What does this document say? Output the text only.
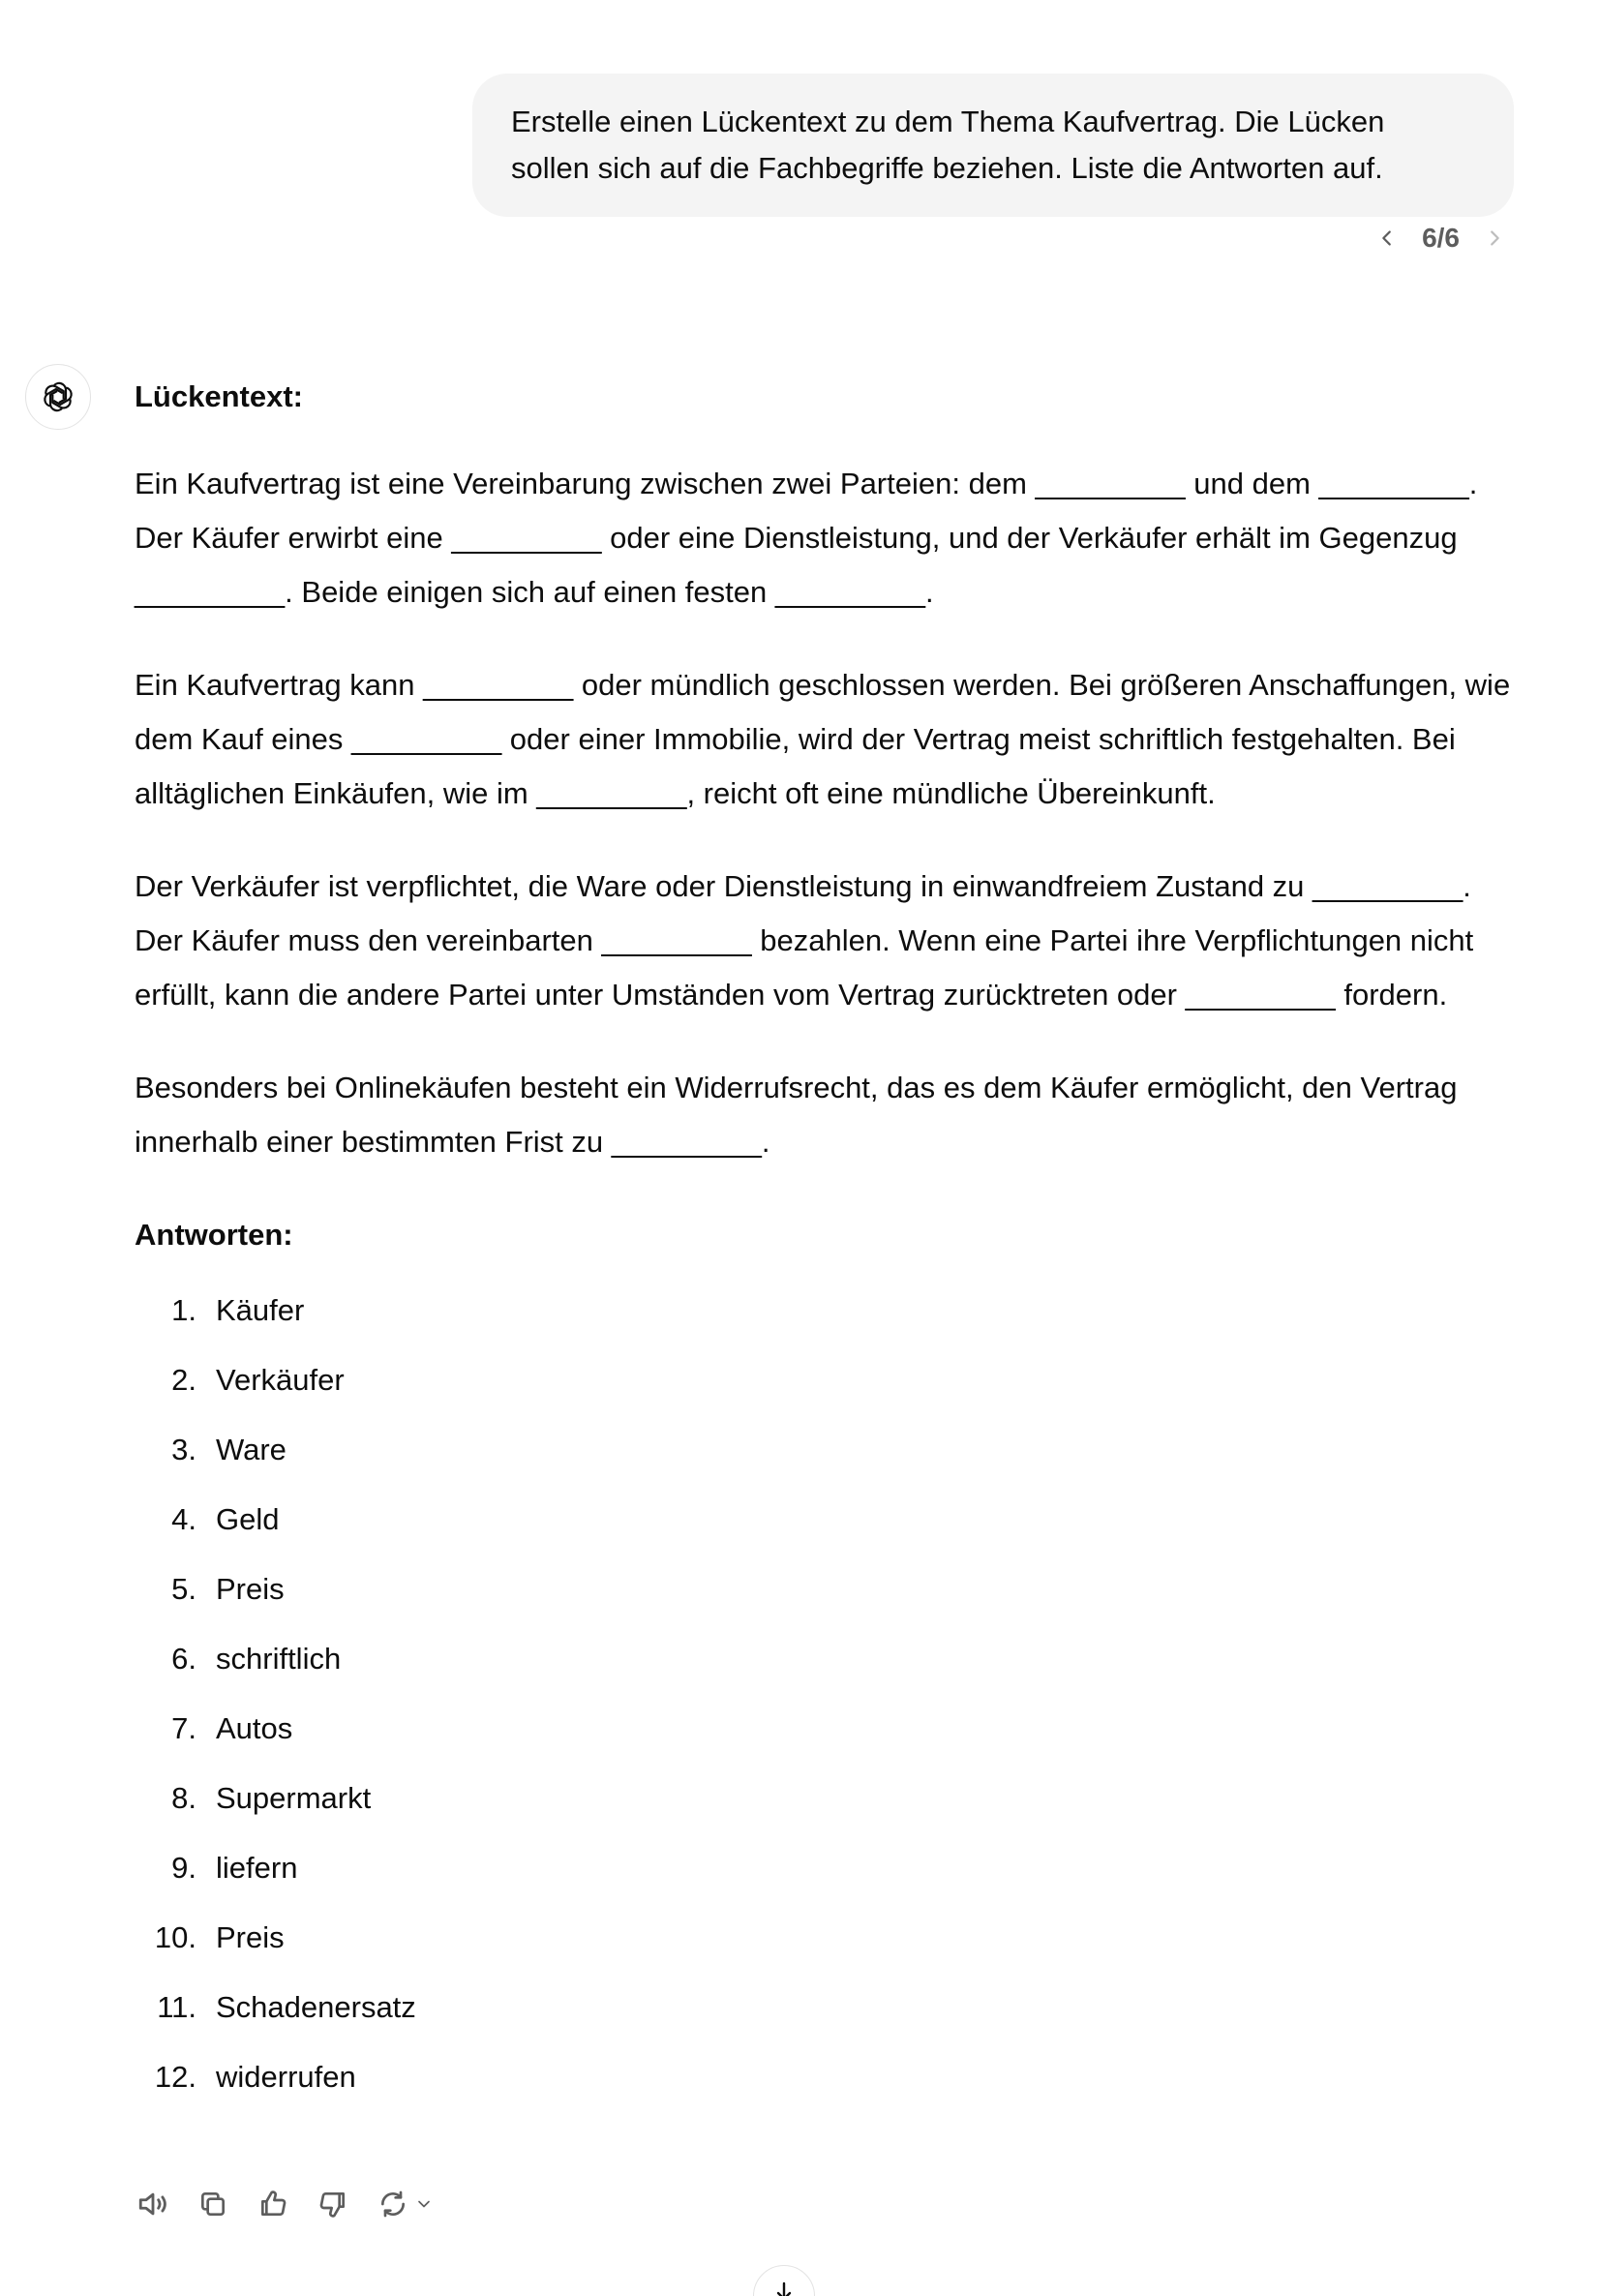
Erstelle einen Lückentext zu dem Thema Kaufvertrag. Die Lücken
sollen sich auf die Fachbegriffe beziehen. Liste die Antworten auf.
6/6
Lückentext:

Ein Kaufvertrag ist eine Vereinbarung zwischen zwei Parteien: dem _________ und dem _________. Der Käufer erwirbt eine _________ oder eine Dienstleistung, und der Verkäufer erhält im Gegenzug _________. Beide einigen sich auf einen festen _________.

Ein Kaufvertrag kann _________ oder mündlich geschlossen werden. Bei größeren Anschaffungen, wie dem Kauf eines _________ oder einer Immobilie, wird der Vertrag meist schriftlich festgehalten. Bei alltäglichen Einkäufen, wie im _________, reicht oft eine mündliche Übereinkunft.

Der Verkäufer ist verpflichtet, die Ware oder Dienstleistung in einwandfreiem Zustand zu _________. Der Käufer muss den vereinbarten _________ bezahlen. Wenn eine Partei ihre Verpflichtungen nicht erfüllt, kann die andere Partei unter Umständen vom Vertrag zurücktreten oder _________ fordern.

Besonders bei Onlinekäufen besteht ein Widerrufsrecht, das es dem Käufer ermöglicht, den Vertrag innerhalb einer bestimmten Frist zu _________.

Antworten:
1. Käufer
2. Verkäufer
3. Ware
4. Geld
5. Preis
6. schriftlich
7. Autos
8. Supermarkt
9. liefern
10. Preis
11. Schadenersatz
12. widerrufen
